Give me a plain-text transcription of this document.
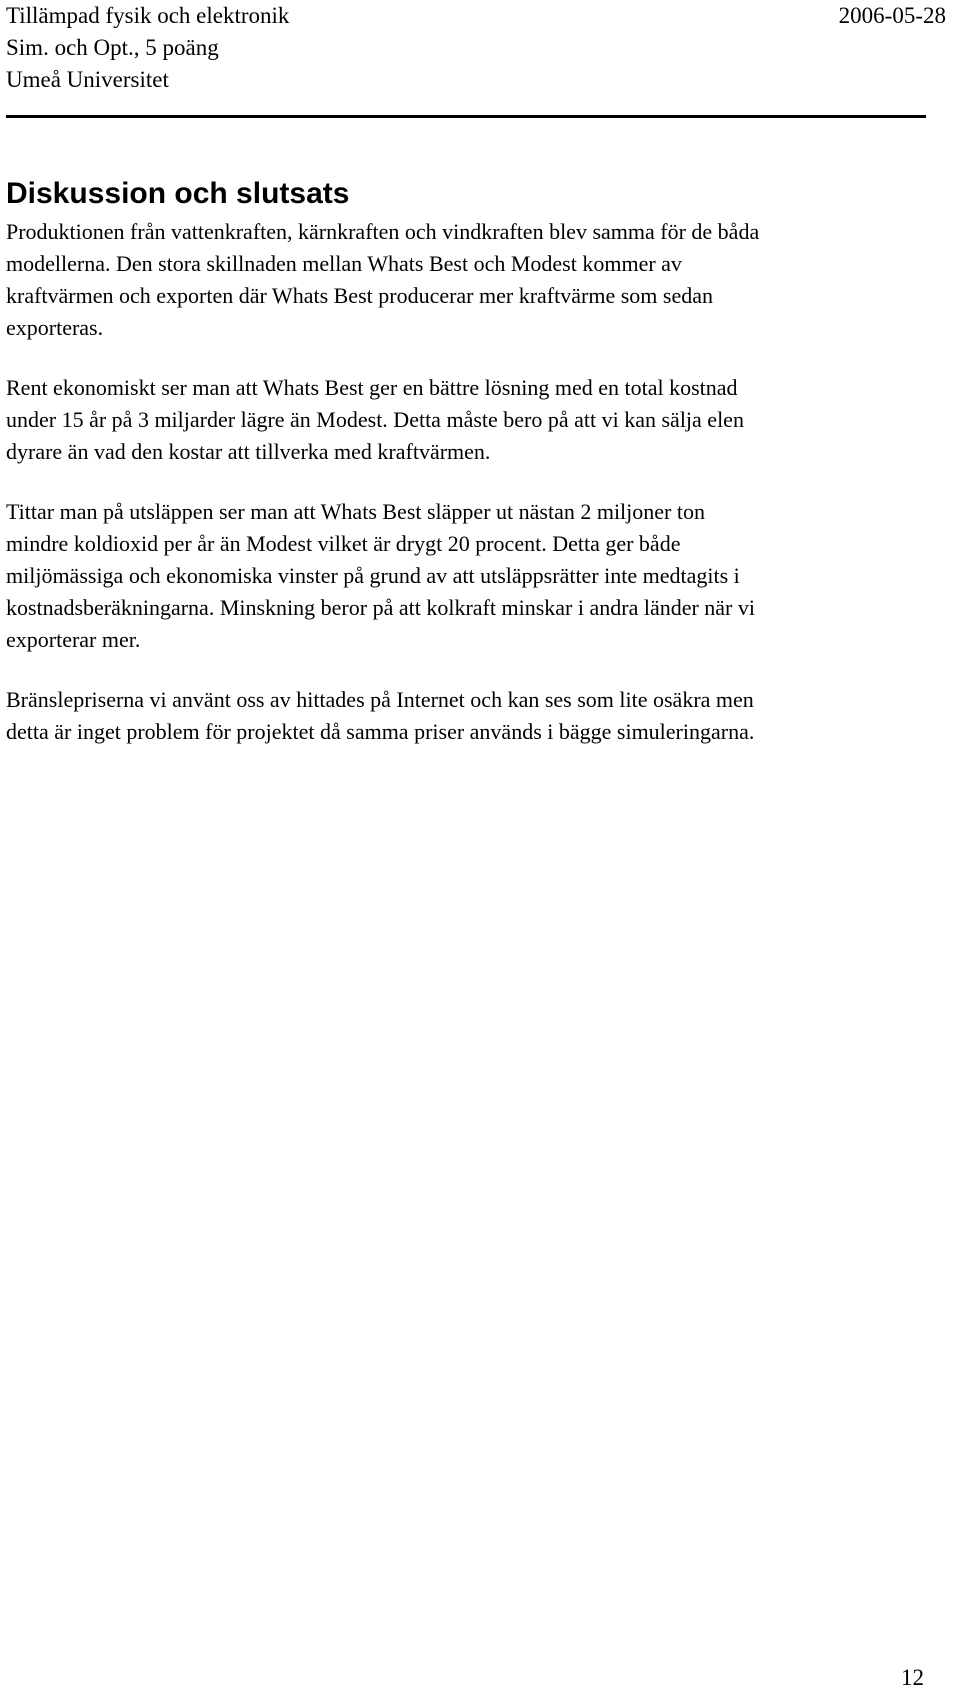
Tillämpad fysik och elektronik
Sim. och Opt., 5 poäng
Umeå Universitet
2006-05-28
Diskussion och slutsats
Produktionen från vattenkraften, kärnkraften och vindkraften blev samma för de båda
modellerna. Den stora skillnaden mellan Whats Best och Modest kommer av
kraftvärmen och exporten där Whats Best producerar mer kraftvärme som sedan
exporteras.
Rent ekonomiskt ser man att Whats Best ger en bättre lösning med en total kostnad
under 15 år på 3 miljarder lägre än Modest. Detta måste bero på att vi kan sälja elen
dyrare än vad den kostar att tillverka med kraftvärmen.
Tittar man på utsläppen ser man att Whats Best släpper ut nästan 2 miljoner ton
mindre koldioxid per år än Modest vilket är drygt 20 procent. Detta ger både
miljömässiga och ekonomiska vinster på grund av att utsläppsrätter inte medtagits i
kostnadsberäkningarna. Minskning beror på att kolkraft minskar i andra länder när vi
exporterar mer.
Bränslepriserna vi använt oss av hittades på Internet och kan ses som lite osäkra men
detta är inget problem för projektet då samma priser används i bägge simuleringarna.
12
